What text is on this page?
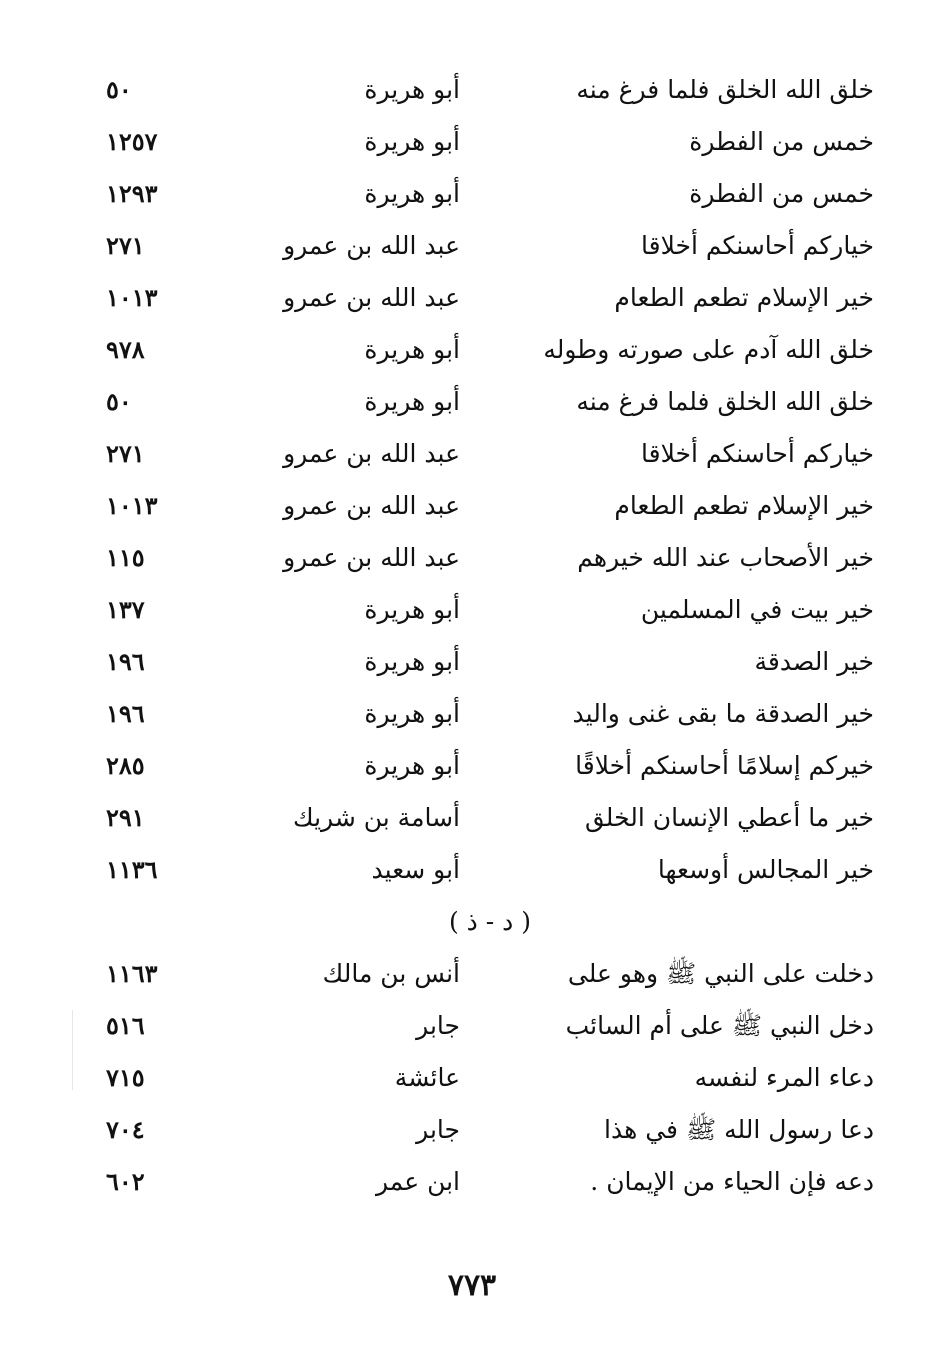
خلق الله الخلق فلما فرغ منه
أبو هريرة
٥٠
خمس من الفطرة
أبو هريرة
١٢٥٧
خمس من الفطرة
أبو هريرة
١٢٩٣
خياركم أحاسنكم أخلاقا
عبد الله بن عمرو
٢٧١
خير الإسلام تطعم الطعام
عبد الله بن عمرو
١٠١٣
خلق الله آدم على صورته وطوله
أبو هريرة
٩٧٨
خلق الله الخلق فلما فرغ منه
أبو هريرة
٥٠
خياركم أحاسنكم أخلاقا
عبد الله بن عمرو
٢٧١
خير الإسلام تطعم الطعام
عبد الله بن عمرو
١٠١٣
خير الأصحاب عند الله خيرهم
عبد الله بن عمرو
١١٥
خير بيت في المسلمين
أبو هريرة
١٣٧
خير الصدقة
أبو هريرة
١٩٦
خير الصدقة ما بقى غنى واليد
أبو هريرة
١٩٦
خيركم إسلامًا أحاسنكم أخلاقًا
أبو هريرة
٢٨٥
خير ما أعطي الإنسان الخلق
أسامة بن شريك
٢٩١
خير المجالس أوسعها
أبو سعيد
١١٣٦
( د - ذ )
دخلت على النبي ﷺ وهو على
أنس بن مالك
١١٦٣
دخل النبي ﷺ على أم السائب
جابر
٥١٦
دعاء المرء لنفسه
عائشة
٧١٥
دعا رسول الله ﷺ في هذا
جابر
٧٠٤
دعه فإن الحياء من الإيمان .
ابن عمر
٦٠٢
٧٧٣
